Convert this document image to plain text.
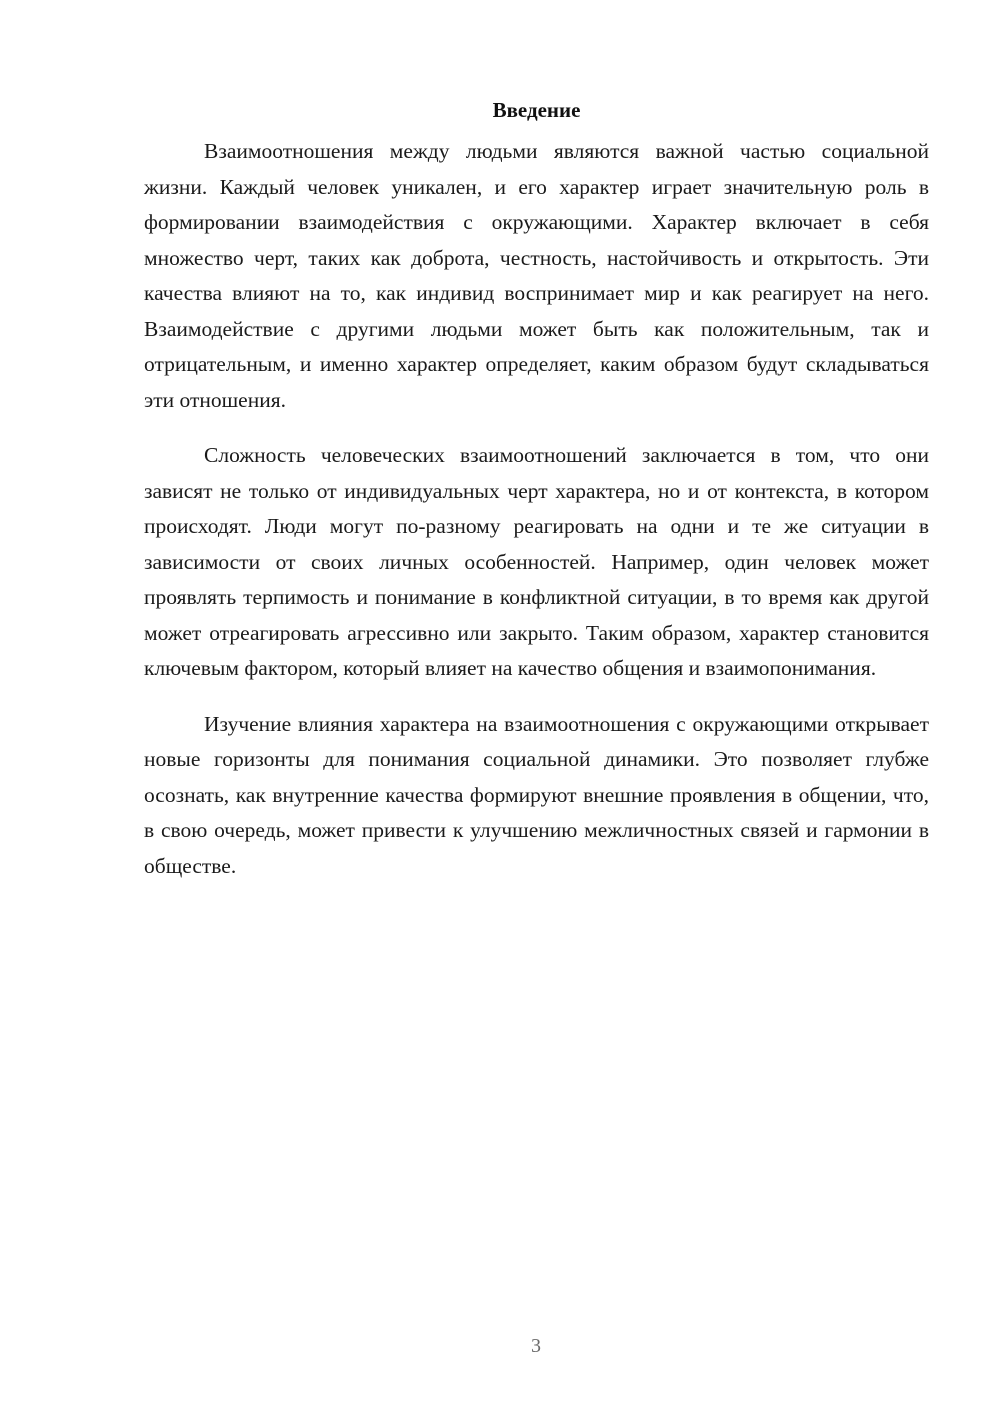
Введение

Взаимоотношения между людьми являются важной частью социальной жизни. Каждый человек уникален, и его характер играет значительную роль в формировании взаимодействия с окружающими. Характер включает в себя множество черт, таких как доброта, честность, настойчивость и открытость. Эти качества влияют на то, как индивид воспринимает мир и как реагирует на него. Взаимодействие с другими людьми может быть как положительным, так и отрицательным, и именно характер определяет, каким образом будут складываться эти отношения.

Сложность человеческих взаимоотношений заключается в том, что они зависят не только от индивидуальных черт характера, но и от контекста, в котором происходят. Люди могут по-разному реагировать на одни и те же ситуации в зависимости от своих личных особенностей. Например, один человек может проявлять терпимость и понимание в конфликтной ситуации, в то время как другой может отреагировать агрессивно или закрыто. Таким образом, характер становится ключевым фактором, который влияет на качество общения и взаимопонимания.

Изучение влияния характера на взаимоотношения с окружающими открывает новые горизонты для понимания социальной динамики. Это позволяет глубже осознать, как внутренние качества формируют внешние проявления в общении, что, в свою очередь, может привести к улучшению межличностных связей и гармонии в обществе.

3
